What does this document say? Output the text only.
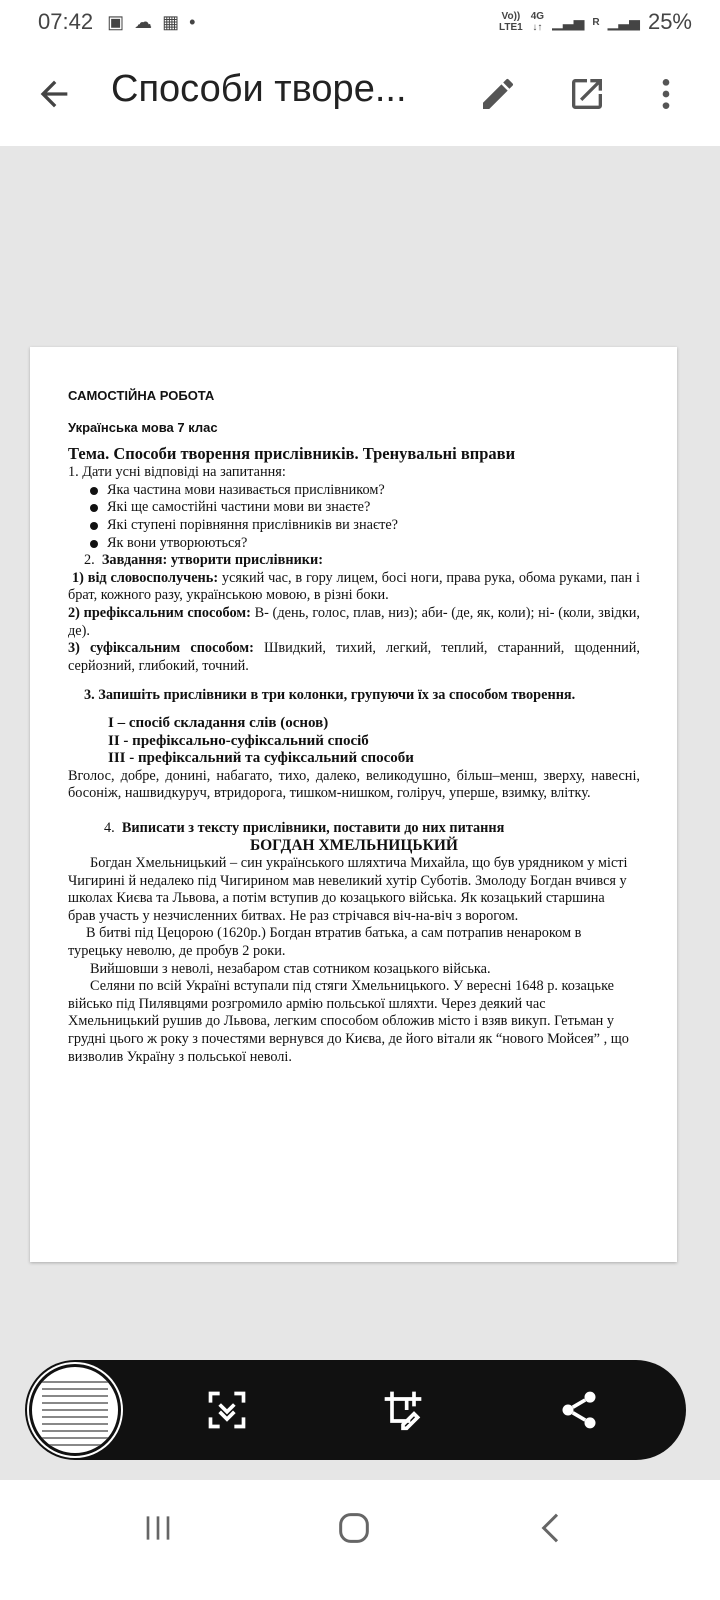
07:42 ▣ ☁ ▦ •	Vo))
LTE1
4G
↓↑ ▁▃▅ R ▁▃▅ 25%
Способи творе...
САМОСТІЙНА РОБОТА
Українська мова 7 клас
Тема. Способи творення прислівників. Тренувальні вправи
1. Дати усні відповіді на запитання:
Яка частина мови називається прислівником?
Які ще самостійні частини мови ви знаєте?
Які ступені порівняння прислівників ви знаєте?
Як вони утворюються?
2. Завдання: утворити прислівники:
1) від словосполучень: усякий час, в гору лицем, босі ноги, права рука, обома руками, пан і брат, кожного разу, українською мовою, в різні боки.
2) префіксальним способом: В- (день, голос, плав, низ); аби- (де, як, коли); ні- (коли, звідки, де).
3) суфіксальним способом: Швидкий, тихий, легкий, теплий, старанний, щоденний, серйозний, глибокий, точний.
3. Запишіть прислівники в три колонки, групуючи їх за способом творення.
I – спосіб складання слів (основ)
II - префіксально-суфіксальний спосіб
III - префіксальний та суфіксальний способи
Вголос, добре, донині, набагато, тихо, далеко, великодушно, більш–менш, зверху, навесні, босоніж, нашвидкуруч, втридорога, тишком-нишком, голіруч, уперше, взимку, влітку.
4. Виписати з тексту прислівники, поставити до них питання
БОГДАН ХМЕЛЬНИЦЬКИЙ
Богдан Хмельницький – син українського шляхтича Михайла, що був урядником у місті Чигирині й недалеко під Чигирином мав невеликий хутір Суботів. Змолоду Богдан вчився у школах Києва та Львова, а потім вступив до козацького війська. Як козацький старшина брав участь у незчисленних битвах. Не раз стрічався віч-на-віч з ворогом.
В битві під Цецорою (1620р.) Богдан втратив батька, а сам потрапив ненароком в турецьку неволю, де пробув 2 роки.
Вийшовши з неволі, незабаром став сотником козацького війська.
Селяни по всій Україні вступали під стяги Хмельницького. У вересні 1648 р. козацьке військо під Пилявцями розгромило армію польської шляхти. Через деякий час Хмельницький рушив до Львова, легким способом обложив місто і взяв викуп. Гетьман у грудні цього ж року з почестями вернувся до Києва, де його вітали як “нового Мойсея” , що визволив Україну з польської неволі.
